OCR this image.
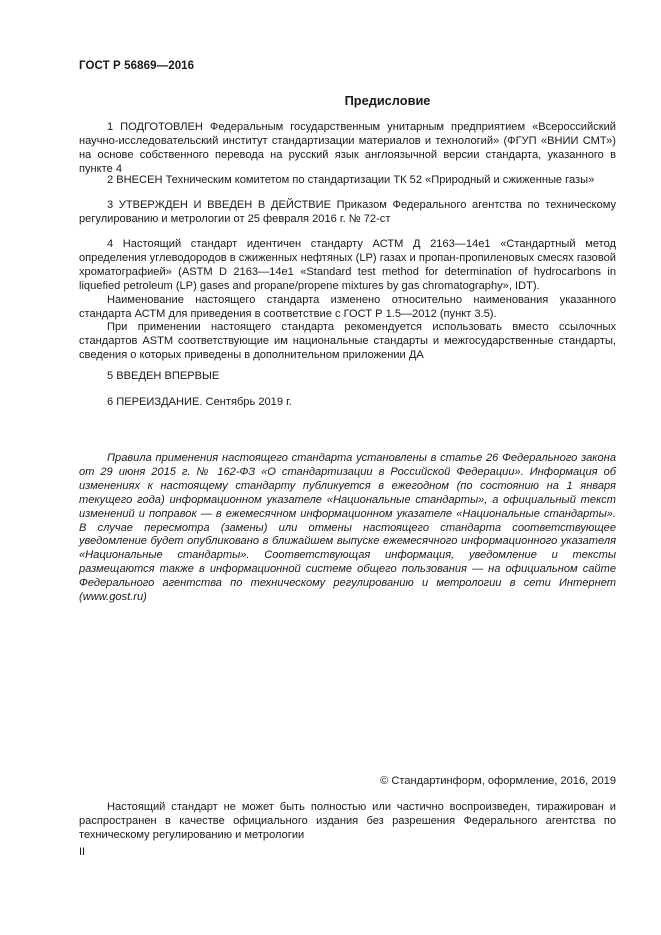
ГОСТ Р 56869—2016
Предисловие

1 ПОДГОТОВЛЕН Федеральным государственным унитарным предприятием «Всероссийский научно-исследовательский институт стандартизации материалов и технологий» (ФГУП «ВНИИ СМТ») на основе собственного перевода на русский язык англоязычной версии стандарта, указанного в пункте 4

2 ВНЕСЕН Техническим комитетом по стандартизации ТК 52 «Природный и сжиженные газы»

3 УТВЕРЖДЕН И ВВЕДЕН В ДЕЙСТВИЕ Приказом Федерального агентства по техническому регулированию и метрологии от 25 февраля 2016 г. № 72-ст

4 Настоящий стандарт идентичен стандарту АСТМ Д 2163—14е1 «Стандартный метод определения углеводородов в сжиженных нефтяных (LP) газах и пропан-пропиленовых смесях газовой хроматографией» (ASTM D 2163—14e1 «Standard test method for determination of hydrocarbons in liquefied petroleum (LP) gases and propane/propene mixtures by gas chromatography», IDT).

Наименование настоящего стандарта изменено относительно наименования указанного стандарта АСТМ для приведения в соответствие с ГОСТ Р 1.5—2012 (пункт 3.5).

При применении настоящего стандарта рекомендуется использовать вместо ссылочных стандартов ASTM соответствующие им национальные стандарты и межгосударственные стандарты, сведения о которых приведены в дополнительном приложении ДА

5 ВВЕДЕН ВПЕРВЫЕ

6 ПЕРЕИЗДАНИЕ. Сентябрь 2019 г.

Правила применения настоящего стандарта установлены в статье 26 Федерального закона от 29 июня 2015 г. № 162-ФЗ «О стандартизации в Российской Федерации». Информация об изменениях к настоящему стандарту публикуется в ежегодном (по состоянию на 1 января текущего года) информационном указателе «Национальные стандарты», а официальный текст изменений и поправок — в ежемесячном информационном указателе «Национальные стандарты». В случае пересмотра (замены) или отмены настоящего стандарта соответствующее уведомление будет опубликовано в ближайшем выпуске ежемесячного информационного указателя «Национальные стандарты». Соответствующая информация, уведомление и тексты размещаются также в информационной системе общего пользования — на официальном сайте Федерального агентства по техническому регулированию и метрологии в сети Интернет (www.gost.ru)

© Стандартинформ, оформление, 2016, 2019

Настоящий стандарт не может быть полностью или частично воспроизведен, тиражирован и распространен в качестве официального издания без разрешения Федерального агентства по техническому регулированию и метрологии

II
